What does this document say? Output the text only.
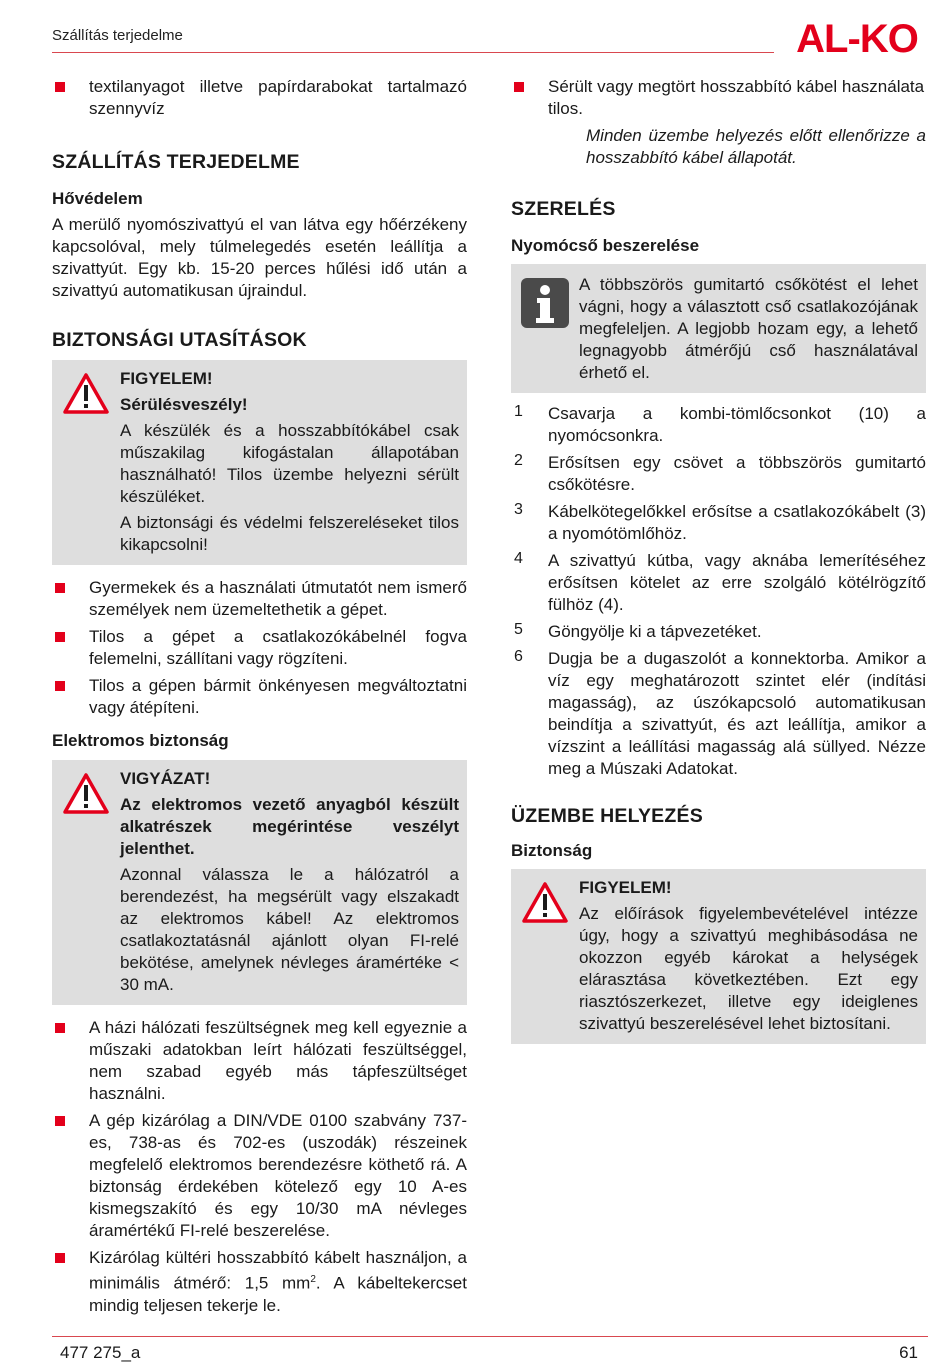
Szállítás terjedelme	AL-KO

textilanyagot illetve papírdarabokat tartalmazó szennyvíz

SZÁLLÍTÁS TERJEDELME
Hővédelem

A merülő nyomószivattyú el van látva egy hőérzékeny kapcsolóval, mely túlmelegedés esetén leállítja a szivattyút. Egy kb. 15-20 perces hűlési idő után a szivattyú automatikusan újraindul.

BIZTONSÁGI UTASÍTÁSOK

FIGYELEM!

Sérülésveszély!

A készülék és a hosszabbítókábel csak műszakilag kifogástalan állapotában használható! Tilos üzembe helyezni sérült készüléket.

A biztonsági és védelmi felszereléseket tilos kikapcsolni!

Gyermekek és a használati útmutatót nem ismerő személyek nem üzemeltethetik a gépet.

Tilos a gépet a csatlakozókábelnél fogva felemelni, szállítani vagy rögzíteni.

Tilos a gépen bármit önkényesen megváltoztatni vagy átépíteni.

Elektromos biztonság

VIGYÁZAT!

Az elektromos vezető anyagból készült alkatrészek megérintése veszélyt jelenthet.

Azonnal válassza le a hálózatról a berendezést, ha megsérült vagy elszakadt az elektromos kábel! Az elektromos csatlakoztatásnál ajánlott olyan FI-relé bekötése, amelynek névleges áramértéke < 30 mA.

A házi hálózati feszültségnek meg kell egyeznie a műszaki adatokban leírt hálózati feszültséggel, nem szabad egyéb más tápfeszültséget használni.

A gép kizárólag a DIN/VDE 0100 szabvány 737-es, 738-as és 702-es (uszodák) részeinek megfelelő elektromos berendezésre köthető rá. A biztonság érdekében kötelező egy 10 A-es kismegszakító és egy 10/30 mA névleges áramértékű FI-relé beszerelése.

Kizárólag kültéri hosszabbító kábelt használjon, a minimális átmérő: 1,5 $mm^2$. A kábeltekercset mindig teljesen tekerje le.

Sérült vagy megtört hosszabbító kábel használata tilos.

Minden üzembe helyezés előtt ellenőrizze a hosszabbító kábel állapotát.

SZERELÉS
Nyomócső beszerelése

A többszörös gumitartó csőkötést el lehet vágni, hogy a választott cső csatlakozójának megfeleljen. A legjobb hozam egy, a lehető legnagyobb átmérőjú cső használatával érhető el.

1 Csavarja a kombi-tömlőcsonkot (10) a nyomócsonkra.

2 Erősítsen egy csövet a többszörös gumitartó csőkötésre.

3 Kábelkötegelőkkel erősítse a csatlakozókábelt (3) a nyomótömlőhöz.

4 A szivattyú kútba, vagy aknába lemerítéséhez erősítsen kötelet az erre szolgáló kötélrögzítő fülhöz (4).

5 Göngyölje ki a tápvezetéket.

6 Dugja be a dugaszolót a konnektorba. Amikor a víz egy meghatározott szintet elér (indítási magasság), az úszókapcsoló automatikusan beindítja a szivattyút, és azt leállítja, amikor a vízszint a leállítási magasság alá süllyed. Nézze meg a Múszaki Adatokat.

ÜZEMBE HELYEZÉS
Biztonság

FIGYELEM!

Az előírások figyelembevételével intézze úgy, hogy a szivattyú meghibásodása ne okozzon egyéb károkat a helységek elárasztása következtében. Ezt egy riasztószerkezet, illetve egy ideiglenes szivattyú beszerelésével lehet biztosítani.

477 275_a	61
